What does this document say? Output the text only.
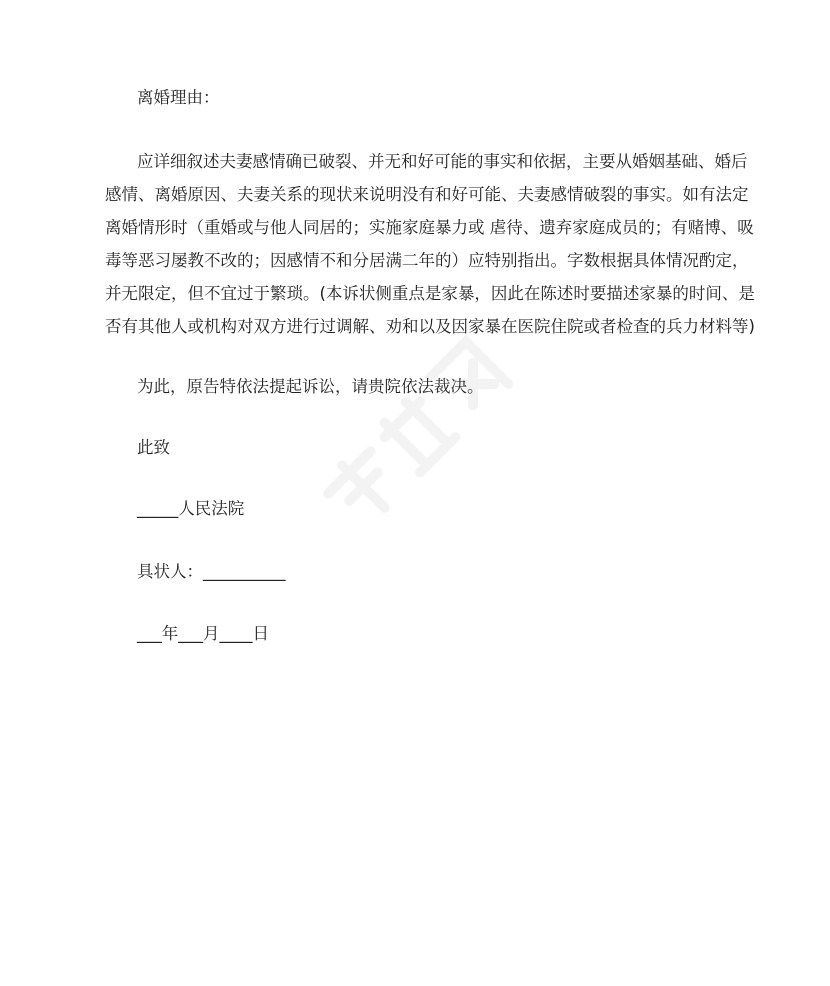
离婚理由：
应详细叙述夫妻感情确已破裂、并无和好可能的事实和依据，主要从婚姻基础、婚后
感情、离婚原因、夫妻关系的现状来说明没有和好可能、夫妻感情破裂的事实。如有法定
离婚情形时（重婚或与他人同居的；实施家庭暴力或 虐待、遗弃家庭成员的；有赌博、吸
毒等恶习屡教不改的；因感情不和分居满二年的）应特别指出。字数根据具体情况酌定，
并无限定，但不宜过于繁琐。(本诉状侧重点是家暴，因此在陈述时要描述家暴的时间、是
否有其他人或机构对双方进行过调解、劝和以及因家暴在医院住院或者检查的兵力材料等)
为此，原告特依法提起诉讼，请贵院依法裁决。
此致
_____人民法院
具状人：__________
___年___月____日
